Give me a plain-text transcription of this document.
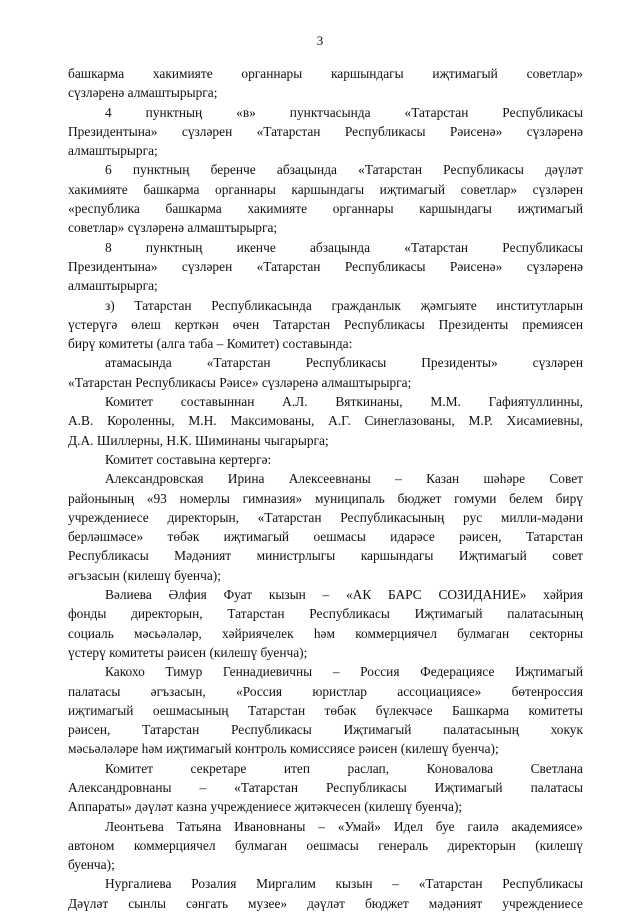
3
башкарма хакимияте органнары каршындагы иҗтимагый советлар»
сүзләренә алмаштырырга;
4 пунктның «в» пунктчасында «Татарстан Республикасы
Президентына» сүзләрен «Татарстан Республикасы Рәисенә» сүзләренә
алмаштырырга;
6 пунктның беренче абзацында «Татарстан Республикасы дәүләт
хакимияте башкарма органнары каршындагы иҗтимагый советлар» сүзләрен
«республика башкарма хакимияте органнары каршындагы иҗтимагый
советлар» сүзләренә алмаштырырга;
8 пунктның икенче абзацында «Татарстан Республикасы
Президентына» сүзләрен «Татарстан Республикасы Рәисенә» сүзләренә
алмаштырырга;
з) Татарстан Республикасында гражданлык җәмгыяте институтларын
үстерүгә өлеш керткән өчен Татарстан Республикасы Президенты премиясен
бирү комитеты (алга таба – Комитет) составында:
атамасында «Татарстан Республикасы Президенты» сүзләрен
«Татарстан Республикасы Рәисе» сүзләренә алмаштырырга;
Комитет составыннан А.Л. Вяткинаны, М.М. Гафиятуллинны,
А.В. Короленны, М.Н. Максимованы, А.Г. Синеглазованы, М.Р. Хисамиевны,
Д.А. Шиллерны, Н.К. Шиминаны чыгарырга;
Комитет составына кертергә:
Александровская Ирина Алексеевнаны – Казан шәһәре Совет
районының «93 номерлы гимназия» муниципаль бюджет гомуми белем бирү
учреждениесе директорын, «Татарстан Республикасының рус милли-мәдәни
берләшмәсе» төбәк иҗтимагый оешмасы идарәсе рәисен, Татарстан
Республикасы Мәдәният министрлыгы каршындагы Иҗтимагый совет
әгъзасын (килешү буенча);
Вәлиева Әлфия Фуат кызын – «АК БАРС СОЗИДАНИЕ» хәйрия
фонды директорын, Татарстан Республикасы Иҗтимагый палатасының
социаль мәсьәләләр, хәйриячелек һәм коммерциячел булмаган секторны
үстерү комитеты рәисен (килешү буенча);
Какохо Тимур Геннадиевичны – Россия Федерациясе Иҗтимагый
палатасы әгъзасын, «Россия юристлар ассоциациясе» бөтенроссия
иҗтимагый оешмасының Татарстан төбәк бүлекчәсе Башкарма комитеты
рәисен, Татарстан Республикасы Иҗтимагый палатасының хокук
мәсьәләләре һәм иҗтимагый контроль комиссиясе рәисен (килешү буенча);
Комитет секретаре итеп раслап, Коновалова Светлана
Александровнаны – «Татарстан Республикасы Иҗтимагый палатасы
Аппараты» дәүләт казна учреждениесе җитәкчесен (килешү буенча);
Леонтьева Татьяна Ивановнаны – «Умай» Идел буе гаилә академиясе»
автоном коммерциячел булмаган оешмасы генераль директорын (килешү
буенча);
Нургалиева Розалия Миргалим кызын – «Татарстан Республикасы
Дәүләт сынлы сәнгать музее» дәүләт бюджет мәдәният учреждениесе
